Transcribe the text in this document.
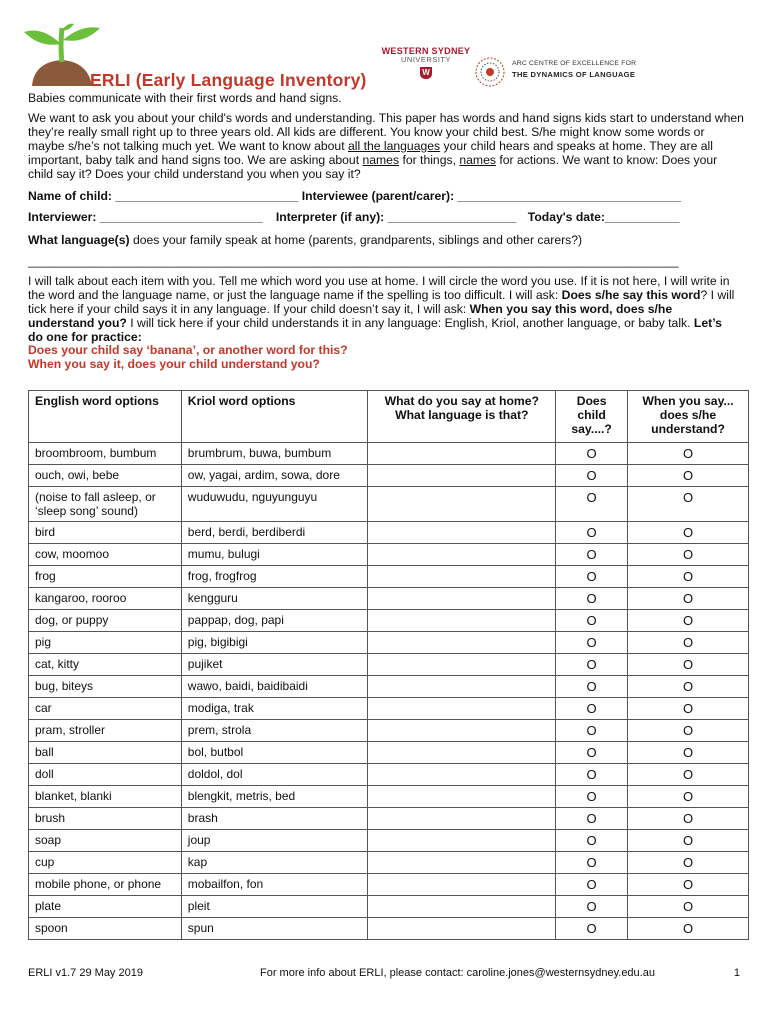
ERLI (Early Language Inventory)
WESTERN SYDNEY
UNIVERSITY
W
ARC CENTRE OF EXCELLENCE FOR
THE DYNAMICS OF LANGUAGE

Babies communicate with their first words and hand signs.

We want to ask you about your child's words and understanding. This paper has words and hand signs kids start to understand when they’re really small right up to three years old. All kids are different. You know your child best. S/he might know some words or maybe s/he’s not talking much yet. We want to know about all the languages your child hears and speaks at home. They are all important, baby talk and hand signs too. We are asking about names for things, names for actions. We want to know: Does your child say it? Does your child understand you when you say it?

Name of child: ___________________________ Interviewee (parent/carer): _________________________________

Interviewer: ________________________ Interpreter (if any): ___________________ Today's date:___________

What language(s) does your family speak at home (parents, grandparents, siblings and other carers?)

________________________________________________________________________________________________

I will talk about each item with you. Tell me which word you use at home. I will circle the word you use. If it is not here, I will write in the word and the language name, or just the language name if the spelling is too difficult. I will ask: Does s/he say this word? I will tick here if your child says it in any language. If your child doesn’t say it, I will ask: When you say this word, does s/he understand you? I will tick here if your child understands it in any language: English, Kriol, another language, or baby talk. Let’s do one for practice:

Does your child say ‘banana’, or another word for this?

When you say it, does your child understand you?

English word options	Kriol word options	What do you say at home? What language is that?	Does child say....?	When you say... does s/he understand?
broombroom, bumbum	brumbrum, buwa, bumbum		O	O
ouch, owi, bebe	ow, yagai, ardim, sowa, dore		O	O
(noise to fall asleep, or ‘sleep song’ sound)	wuduwudu, nguyunguyu		O	O
bird	berd, berdi, berdiberdi		O	O
cow, moomoo	mumu, bulugi		O	O
frog	frog, frogfrog		O	O
kangaroo, rooroo	kengguru		O	O
dog, or puppy	pappap, dog, papi		O	O
pig	pig, bigibigi		O	O
cat, kitty	pujiket		O	O
bug, biteys	wawo, baidi, baidibaidi		O	O
car	modiga, trak		O	O
pram, stroller	prem, strola		O	O
ball	bol, butbol		O	O
doll	doldol, dol		O	O
blanket, blanki	blengkit, metris, bed		O	O
brush	brash		O	O
soap	joup		O	O
cup	kap		O	O
mobile phone, or phone	mobailfon, fon		O	O
plate	pleit		O	O
spoon	spun		O	O
ERLI v1.7 29 May 2019	For more info about ERLI, please contact: caroline.jones@westernsydney.edu.au	1
